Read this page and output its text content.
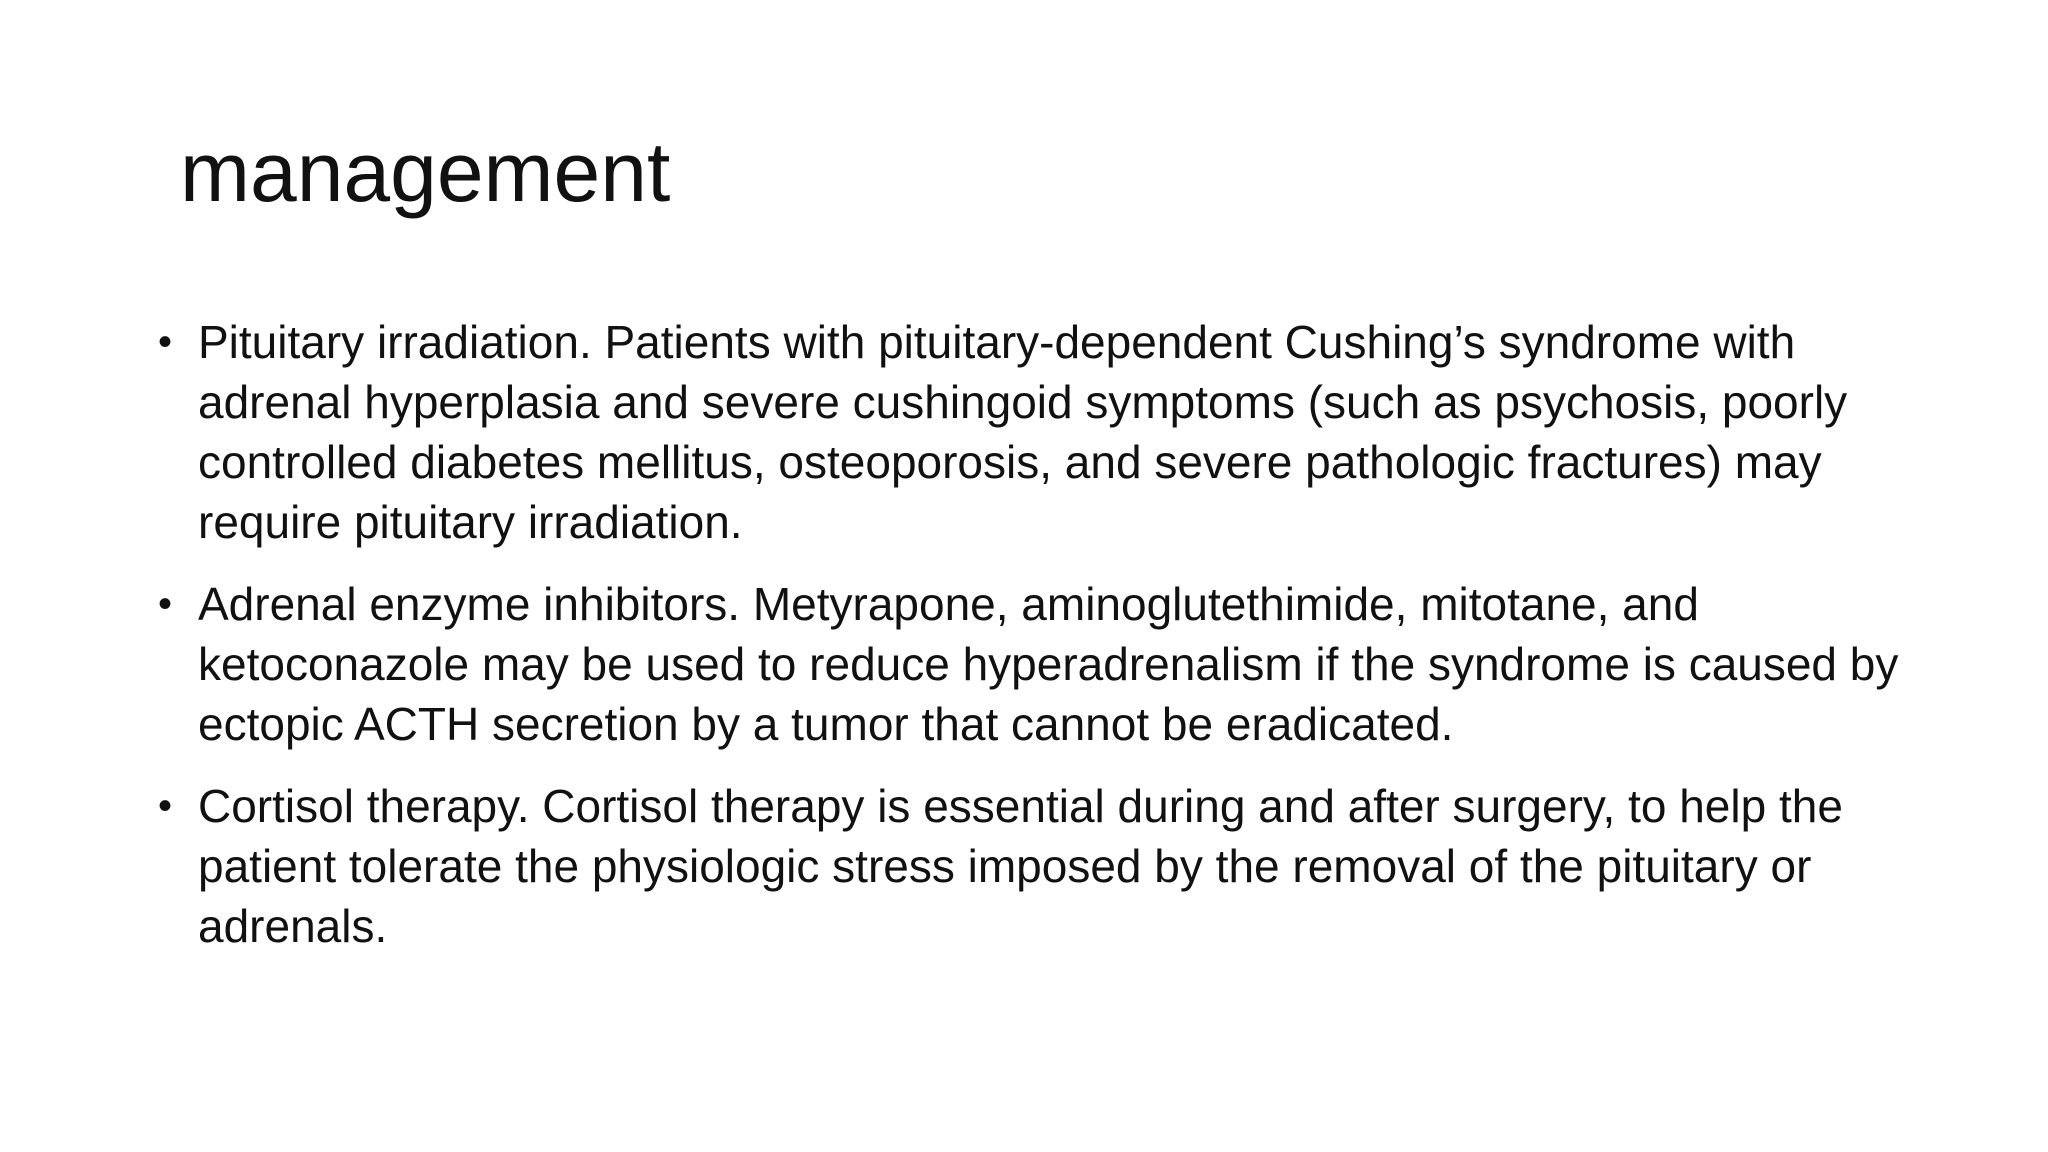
management
• Pituitary irradiation. Patients with pituitary-dependent Cushing’s syndrome with adrenal hyperplasia and severe cushingoid symptoms (such as psychosis, poorly controlled diabetes mellitus, osteoporosis, and severe pathologic fractures) may require pituitary irradiation.
• Adrenal enzyme inhibitors. Metyrapone, aminoglutethimide, mitotane, and ketoconazole may be used to reduce hyperadrenalism if the syndrome is caused by ectopic ACTH secretion by a tumor that cannot be eradicated.
• Cortisol therapy. Cortisol therapy is essential during and after surgery, to help the patient tolerate the physiologic stress imposed by the removal of the pituitary or adrenals.
